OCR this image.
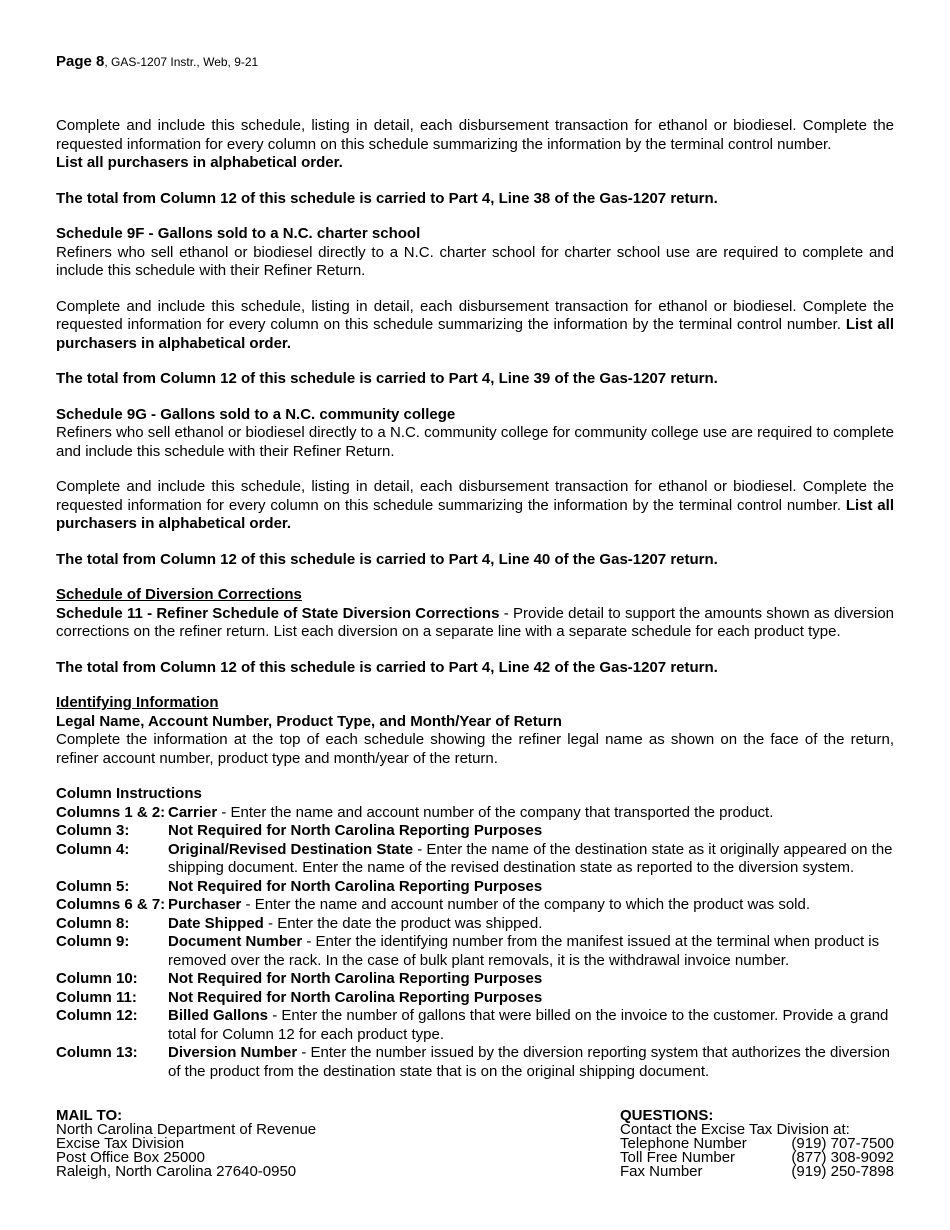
Page 8, GAS-1207 Instr., Web, 9-21

Complete and include this schedule, listing in detail, each disbursement transaction for ethanol or biodiesel. Complete the requested information for every column on this schedule summarizing the information by the terminal control number.
List all purchasers in alphabetical order.

The total from Column 12 of this schedule is carried to Part 4, Line 38 of the Gas-1207 return.

Schedule 9F - Gallons sold to a N.C. charter school

Refiners who sell ethanol or biodiesel directly to a N.C. charter school for charter school use are required to complete and include this schedule with their Refiner Return.

Complete and include this schedule, listing in detail, each disbursement transaction for ethanol or biodiesel. Complete the requested information for every column on this schedule summarizing the information by the terminal control number. List all purchasers in alphabetical order.

The total from Column 12 of this schedule is carried to Part 4, Line 39 of the Gas-1207 return.

Schedule 9G - Gallons sold to a N.C. community college

Refiners who sell ethanol or biodiesel directly to a N.C. community college for community college use are required to complete and include this schedule with their Refiner Return.

Complete and include this schedule, listing in detail, each disbursement transaction for ethanol or biodiesel. Complete the requested information for every column on this schedule summarizing the information by the terminal control number. List all purchasers in alphabetical order.

The total from Column 12 of this schedule is carried to Part 4, Line 40 of the Gas-1207 return.

Schedule of Diversion Corrections

Schedule 11 - Refiner Schedule of State Diversion Corrections - Provide detail to support the amounts shown as diversion corrections on the refiner return. List each diversion on a separate line with a separate schedule for each product type.

The total from Column 12 of this schedule is carried to Part 4, Line 42 of the Gas-1207 return.

Identifying Information

Legal Name, Account Number, Product Type, and Month/Year of Return

Complete the information at the top of each schedule showing the refiner legal name as shown on the face of the return, refiner account number, product type and month/year of the return.

Column Instructions

Columns 1 & 2: Carrier - Enter the name and account number of the company that transported the product.
Column 3:	Not Required for North Carolina Reporting Purposes
Column 4:	Original/Revised Destination State - Enter the name of the destination state as it originally appeared on the shipping document. Enter the name of the revised destination state as reported to the diversion system.
Column 5:	Not Required for North Carolina Reporting Purposes
Columns 6 & 7: Purchaser - Enter the name and account number of the company to which the product was sold.
Column 8:	Date Shipped - Enter the date the product was shipped.
Column 9:	Document Number - Enter the identifying number from the manifest issued at the terminal when product is removed over the rack. In the case of bulk plant removals, it is the withdrawal invoice number.
Column 10:	Not Required for North Carolina Reporting Purposes
Column 11:	Not Required for North Carolina Reporting Purposes
Column 12:	Billed Gallons - Enter the number of gallons that were billed on the invoice to the customer. Provide a grand total for Column 12 for each product type.
Column 13:	Diversion Number - Enter the number issued by the diversion reporting system that authorizes the diversion of the product from the destination state that is on the original shipping document.
MAIL TO:
North Carolina Department of Revenue
Excise Tax Division
Post Office Box 25000
Raleigh, North Carolina 27640-0950
QUESTIONS:
Contact the Excise Tax Division at:
Telephone Number	(919) 707-7500
Toll Free Number	(877) 308-9092
Fax Number	(919) 250-7898
